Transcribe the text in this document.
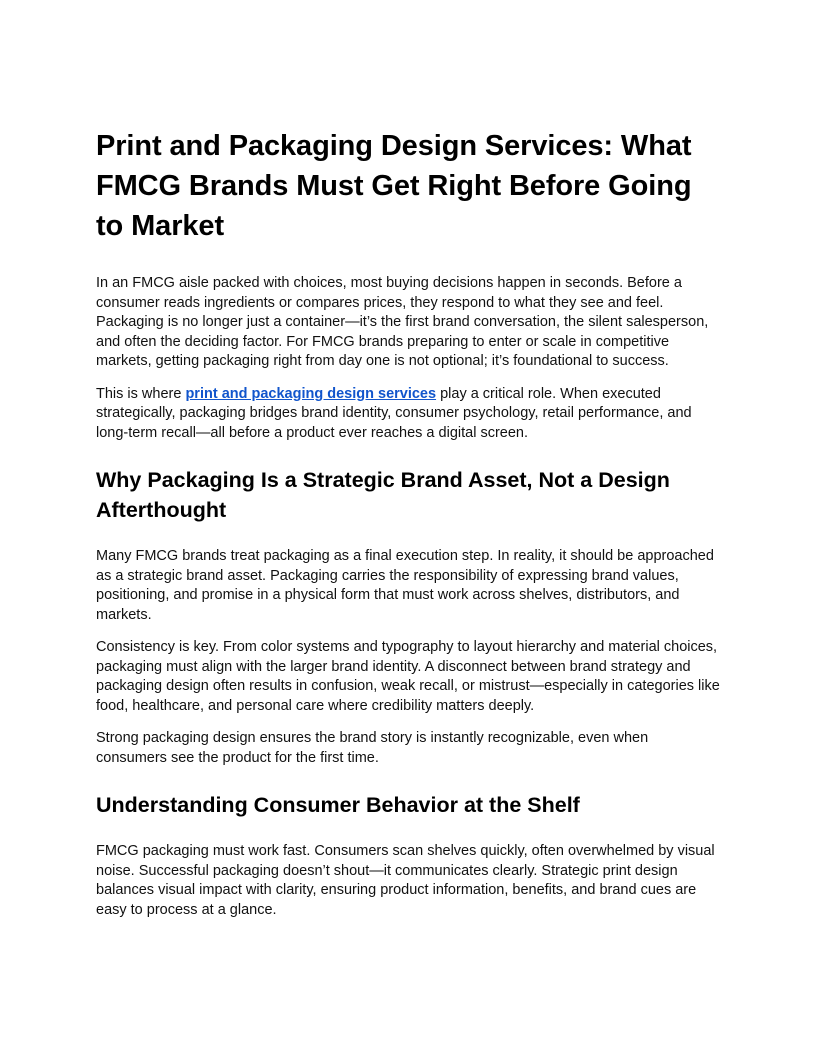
Print and Packaging Design Services: What FMCG Brands Must Get Right Before Going to Market

In an FMCG aisle packed with choices, most buying decisions happen in seconds. Before a consumer reads ingredients or compares prices, they respond to what they see and feel. Packaging is no longer just a container—it’s the first brand conversation, the silent salesperson, and often the deciding factor. For FMCG brands preparing to enter or scale in competitive markets, getting packaging right from day one is not optional; it’s foundational to success.

This is where print and packaging design services play a critical role. When executed strategically, packaging bridges brand identity, consumer psychology, retail performance, and long-term recall—all before a product ever reaches a digital screen.

Why Packaging Is a Strategic Brand Asset, Not a Design Afterthought

Many FMCG brands treat packaging as a final execution step. In reality, it should be approached as a strategic brand asset. Packaging carries the responsibility of expressing brand values, positioning, and promise in a physical form that must work across shelves, distributors, and markets.

Consistency is key. From color systems and typography to layout hierarchy and material choices, packaging must align with the larger brand identity. A disconnect between brand strategy and packaging design often results in confusion, weak recall, or mistrust—especially in categories like food, healthcare, and personal care where credibility matters deeply.

Strong packaging design ensures the brand story is instantly recognizable, even when consumers see the product for the first time.

Understanding Consumer Behavior at the Shelf

FMCG packaging must work fast. Consumers scan shelves quickly, often overwhelmed by visual noise. Successful packaging doesn’t shout—it communicates clearly. Strategic print design balances visual impact with clarity, ensuring product information, benefits, and brand cues are easy to process at a glance.
